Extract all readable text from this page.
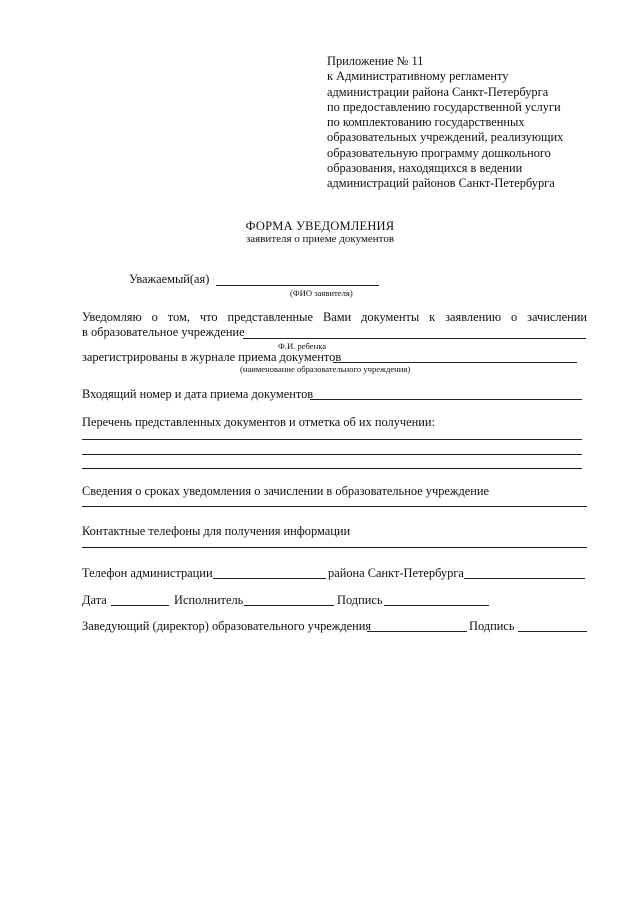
Приложение № 11
к Административному регламенту
администрации района Санкт-Петербурга
по предоставлению государственной услуги
по комплектованию государственных
образовательных учреждений, реализующих
образовательную программу дошкольного
образования, находящихся в ведении
администраций районов Санкт-Петербурга
ФОРМА УВЕДОМЛЕНИЯ
заявителя о приеме документов
Уважаемый(ая)
(ФИО заявителя)
Уведомляю о том, что представленные Вами документы к заявлению о зачислении
в образовательное учреждение
Ф.И. ребенка
зарегистрированы в журнале приема документов
(наименование образовательного учреждения)
Входящий номер и дата приема документов
Перечень представленных документов и отметка об их получении:
Сведения о сроках уведомления о зачислении в образовательное учреждение
Контактные телефоны для получения информации
Телефон администрации	района Санкт-Петербурга
Дата	Исполнитель	Подпись
Заведующий (директор) образовательного учреждения	Подпись
